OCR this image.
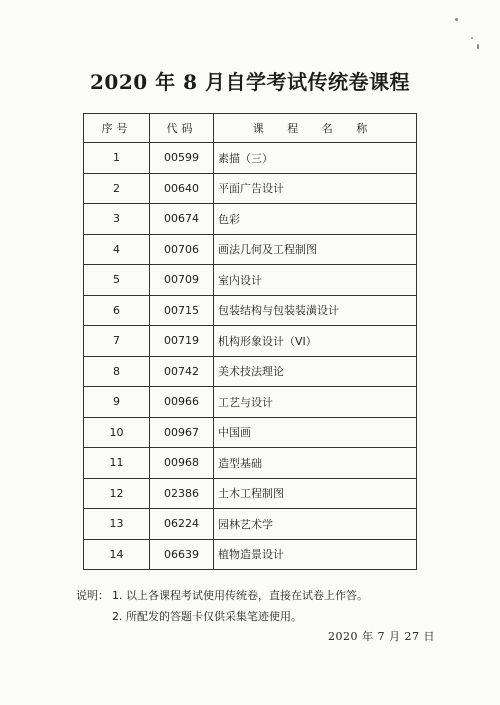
2020 年 8 月自学考试传统卷课程
序号	代码	课 程 名 称
1	00599	素描（三）
2	00640	平面广告设计
3	00674	色彩
4	00706	画法几何及工程制图
5	00709	室内设计
6	00715	包装结构与包装装潢设计
7	00719	机构形象设计（VI）
8	00742	美术技法理论
9	00966	工艺与设计
10	00967	中国画
11	00968	造型基础
12	02386	土木工程制图
13	06224	园林艺术学
14	06639	植物造景设计
说明： 1. 以上各课程考试使用传统卷，直接在试卷上作答。
2. 所配发的答题卡仅供采集笔迹使用。
2020 年 7 月 27 日
